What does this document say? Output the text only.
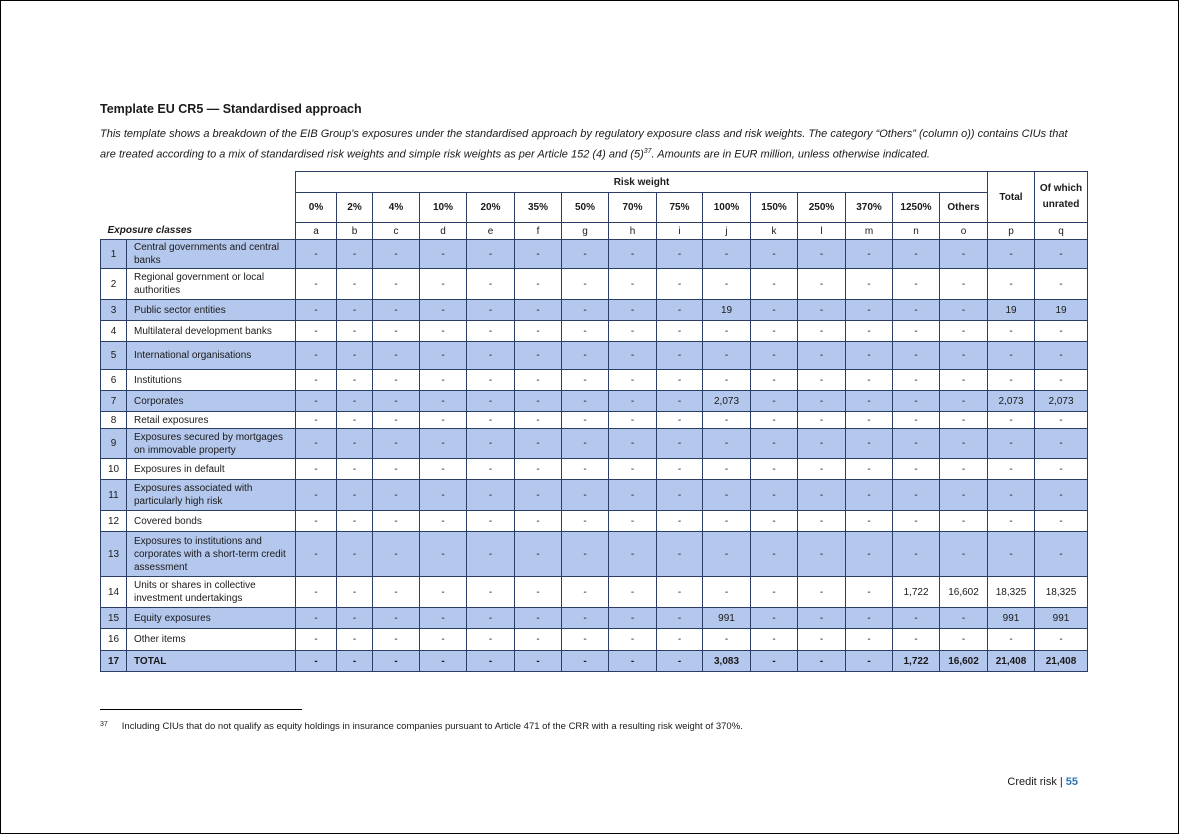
Template EU CR5 — Standardised approach
This template shows a breakdown of the EIB Group's exposures under the standardised approach by regulatory exposure class and risk weights. The category “Others” (column o)) contains CIUs that are treated according to a mix of standardised risk weights and simple risk weights as per Article 152 (4) and $(5)^{37}$. Amounts are in EUR million, unless otherwise indicated.
		Risk weight															Total	Of which unrated
		0%	2%	4%	10%	20%	35%	50%	70%	75%	100%	150%	250%	370%	1250%	Others		
Exposure classes		a	b	c	d	e	f	g	h	i	j	k	l	m	n	o	p	q
1	Central governments and central banks	-	-	-	-	-	-	-	-	-	-	-	-	-	-	-	-	-
2	Regional government or local authorities	-	-	-	-	-	-	-	-	-	-	-	-	-	-	-	-	-
3	Public sector entities	-	-	-	-	-	-	-	-	-	19	-	-	-	-	-	19	19
4	Multilateral development banks	-	-	-	-	-	-	-	-	-	-	-	-	-	-	-	-	-
5	International organisations	-	-	-	-	-	-	-	-	-	-	-	-	-	-	-	-	-
6	Institutions	-	-	-	-	-	-	-	-	-	-	-	-	-	-	-	-	-
7	Corporates	-	-	-	-	-	-	-	-	-	2,073	-	-	-	-	-	2,073	2,073
8	Retail exposures	-	-	-	-	-	-	-	-	-	-	-	-	-	-	-	-	-
9	Exposures secured by mortgages on immovable property	-	-	-	-	-	-	-	-	-	-	-	-	-	-	-	-	-
10	Exposures in default	-	-	-	-	-	-	-	-	-	-	-	-	-	-	-	-	-
11	Exposures associated with particularly high risk	-	-	-	-	-	-	-	-	-	-	-	-	-	-	-	-	-
12	Covered bonds	-	-	-	-	-	-	-	-	-	-	-	-	-	-	-	-	-
13	Exposures to institutions and corporates with a short-term credit assessment	-	-	-	-	-	-	-	-	-	-	-	-	-	-	-	-	-
14	Units or shares in collective investment undertakings	-	-	-	-	-	-	-	-	-	-	-	-	-	1,722	16,602	18,325	18,325
15	Equity exposures	-	-	-	-	-	-	-	-	-	991	-	-	-	-	-	991	991
16	Other items	-	-	-	-	-	-	-	-	-	-	-	-	-	-	-	-	-
17	TOTAL	-	-	-	-	-	-	-	-	-	3,083	-	-	-	1,722	16,602	21,408	21,408
$^{37}$ Including CIUs that do not qualify as equity holdings in insurance companies pursuant to Article 471 of the CRR with a resulting risk weight of 370%.
Credit risk | 55
